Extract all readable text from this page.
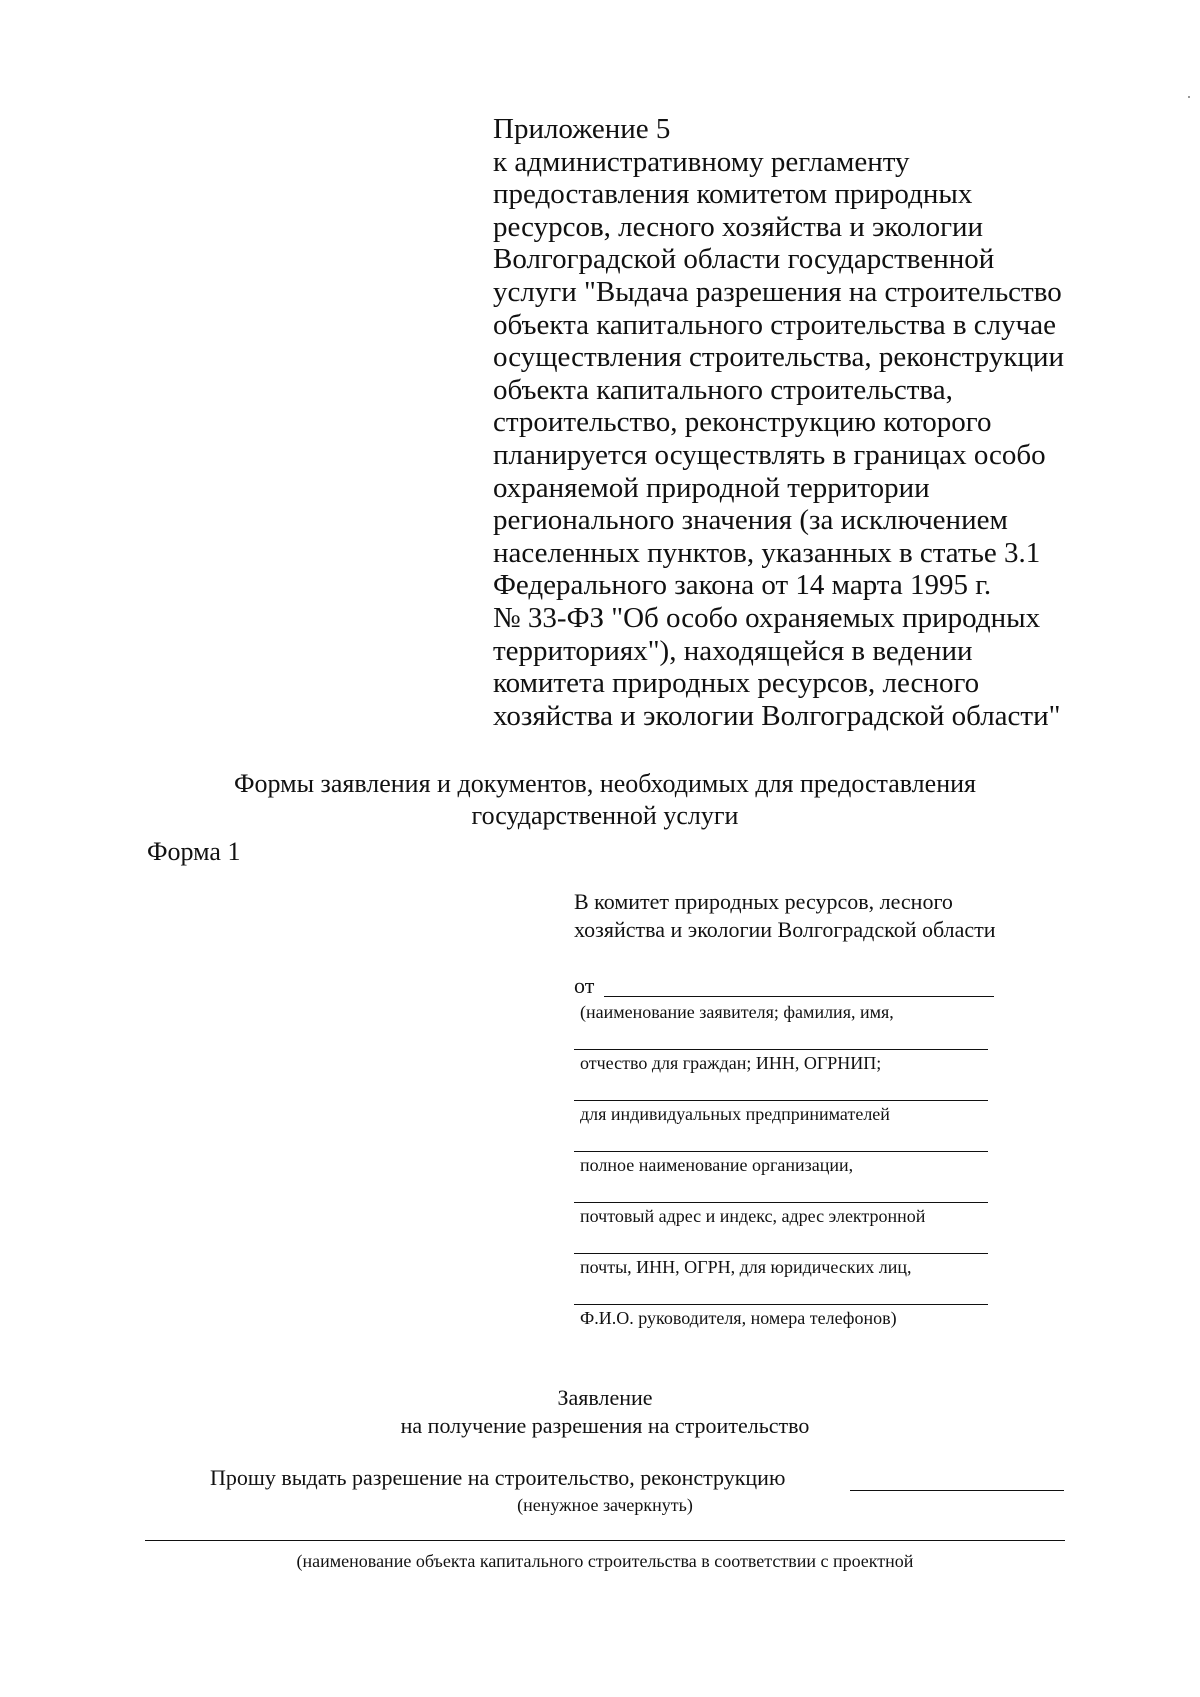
Приложение 5
к административному регламенту
предоставления комитетом природных
ресурсов, лесного хозяйства и экологии
Волгоградской области государственной
услуги "Выдача разрешения на строительство
объекта капитального строительства в случае
осуществления строительства, реконструкции
объекта капитального строительства,
строительство, реконструкцию которого
планируется осуществлять в границах особо
охраняемой природной территории
регионального значения (за исключением
населенных пунктов, указанных в статье 3.1
Федерального закона от 14 марта 1995 г.
№ 33-ФЗ "Об особо охраняемых природных
территориях"), находящейся в ведении
комитета природных ресурсов, лесного
хозяйства и экологии Волгоградской области"
Формы заявления и документов, необходимых для предоставления
государственной услуги
Форма 1
В комитет природных ресурсов, лесного
хозяйства и экологии Волгоградской области
от
(наименование заявителя; фамилия, имя,
отчество для граждан; ИНН, ОГРНИП;
для индивидуальных предпринимателей
полное наименование организации,
почтовый адрес и индекс, адрес электронной
почты, ИНН, ОГРН, для юридических лиц,
Ф.И.О. руководителя, номера телефонов)
Заявление
на получение разрешения на строительство
Прошу выдать разрешение на строительство, реконструкцию
(ненужное зачеркнуть)
(наименование объекта капитального строительства в соответствии с проектной
